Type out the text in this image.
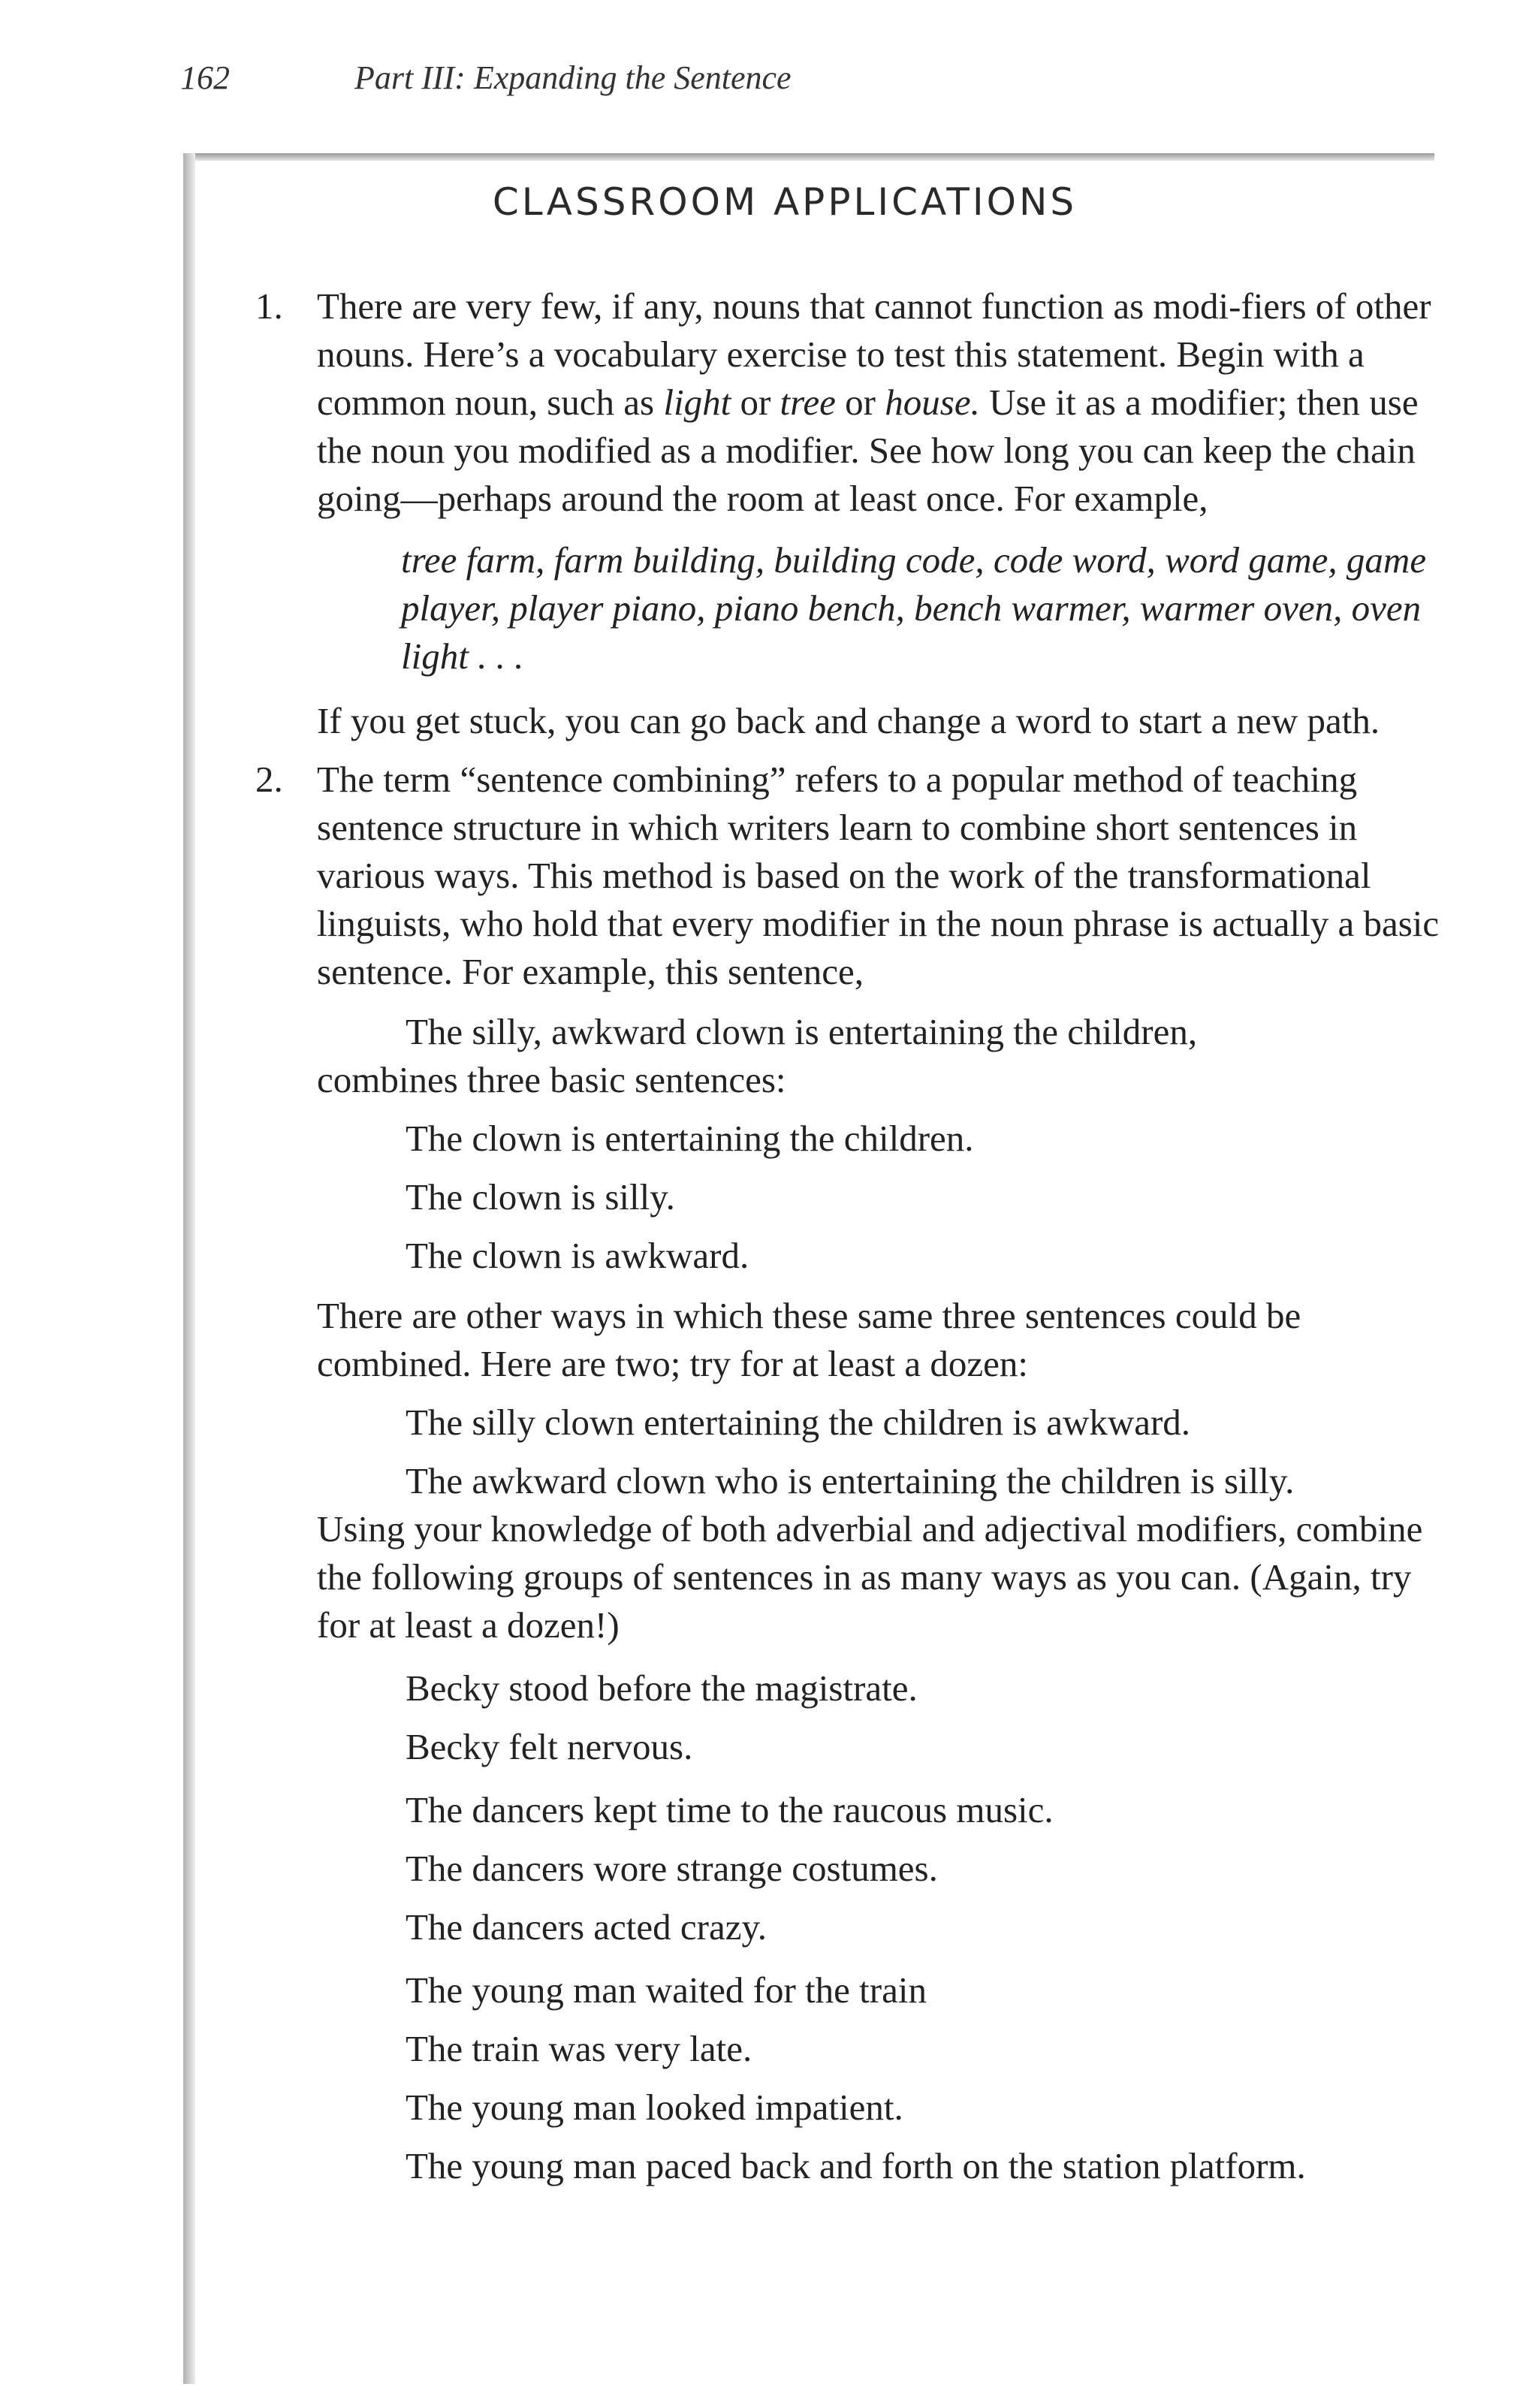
162	Part III: Expanding the Sentence
CLASSROOM APPLICATIONS
1. There are very few, if any, nouns that cannot function as modi-fiers of other nouns. Here’s a vocabulary exercise to test this statement. Begin with a common noun, such as light or tree or house. Use it as a modifier; then use the noun you modified as a modifier. See how long you can keep the chain going—perhaps around the room at least once. For example,

tree farm, farm building, building code, code word, word game, game player, player piano, piano bench, bench warmer, warmer oven, oven light . . .

If you get stuck, you can go back and change a word to start a new path.

2. The term “sentence combining” refers to a popular method of teaching sentence structure in which writers learn to combine short sentences in various ways. This method is based on the work of the transformational linguists, who hold that every modifier in the noun phrase is actually a basic sentence. For example, this sentence,

The silly, awkward clown is entertaining the children,

combines three basic sentences:

The clown is entertaining the children.

The clown is silly.

The clown is awkward.

There are other ways in which these same three sentences could be combined. Here are two; try for at least a dozen:

The silly clown entertaining the children is awkward.

The awkward clown who is entertaining the children is silly.

Using your knowledge of both adverbial and adjectival modifiers, combine the following groups of sentences in as many ways as you can. (Again, try for at least a dozen!)

Becky stood before the magistrate.

Becky felt nervous.

The dancers kept time to the raucous music.

The dancers wore strange costumes.

The dancers acted crazy.

The young man waited for the train

The train was very late.

The young man looked impatient.

The young man paced back and forth on the station platform.
